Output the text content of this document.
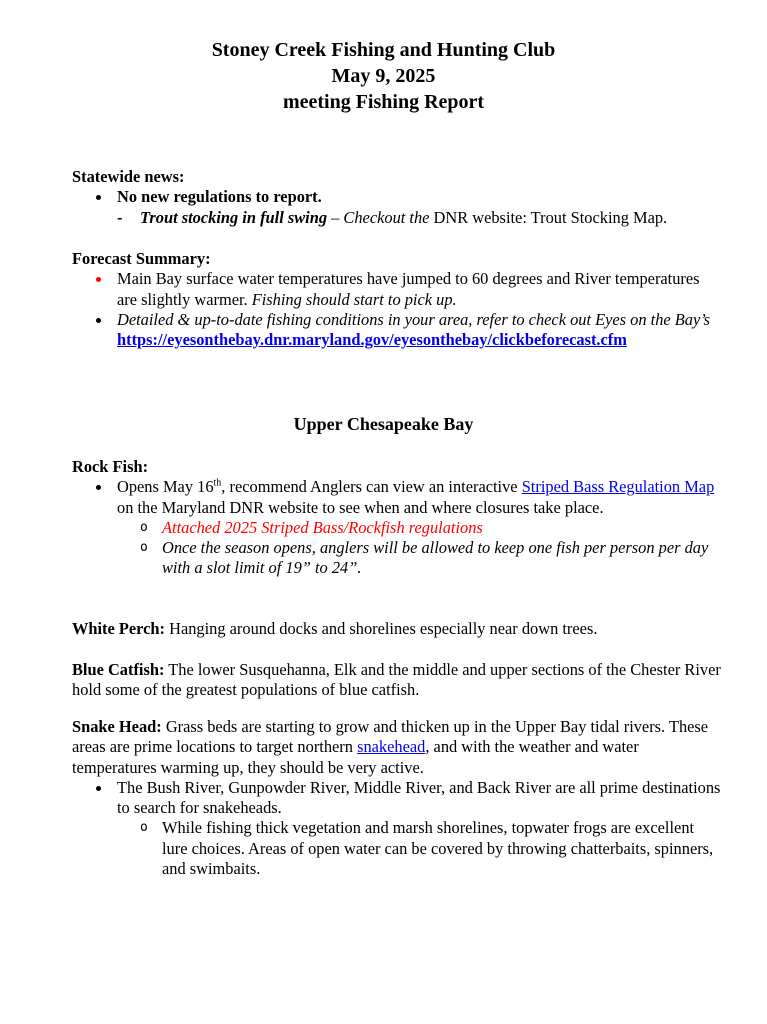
Stoney Creek Fishing and Hunting Club
May 9, 2025
meeting Fishing Report
Statewide news:
No new regulations to report.
- Trout stocking in full swing – Checkout the DNR website: Trout Stocking Map.
Forecast Summary:
Main Bay surface water temperatures have jumped to 60 degrees and River temperatures are slightly warmer. Fishing should start to pick up.
Detailed & up-to-date fishing conditions in your area, refer to check out Eyes on the Bay’s https://eyesonthebay.dnr.maryland.gov/eyesonthebay/clickbeforecast.cfm
Upper Chesapeake Bay
Rock Fish:
Opens May 16th, recommend Anglers can view an interactive Striped Bass Regulation Map on the Maryland DNR website to see when and where closures take place.
o Attached 2025 Striped Bass/Rockfish regulations
o Once the season opens, anglers will be allowed to keep one fish per person per day with a slot limit of 19” to 24”.
White Perch: Hanging around docks and shorelines especially near down trees.
Blue Catfish: The lower Susquehanna, Elk and the middle and upper sections of the Chester River hold some of the greatest populations of blue catfish.
Snake Head: Grass beds are starting to grow and thicken up in the Upper Bay tidal rivers. These areas are prime locations to target northern snakehead, and with the weather and water temperatures warming up, they should be very active.
The Bush River, Gunpowder River, Middle River, and Back River are all prime destinations to search for snakeheads.
o While fishing thick vegetation and marsh shorelines, topwater frogs are excellent lure choices. Areas of open water can be covered by throwing chatterbaits, spinners, and swimbaits.
